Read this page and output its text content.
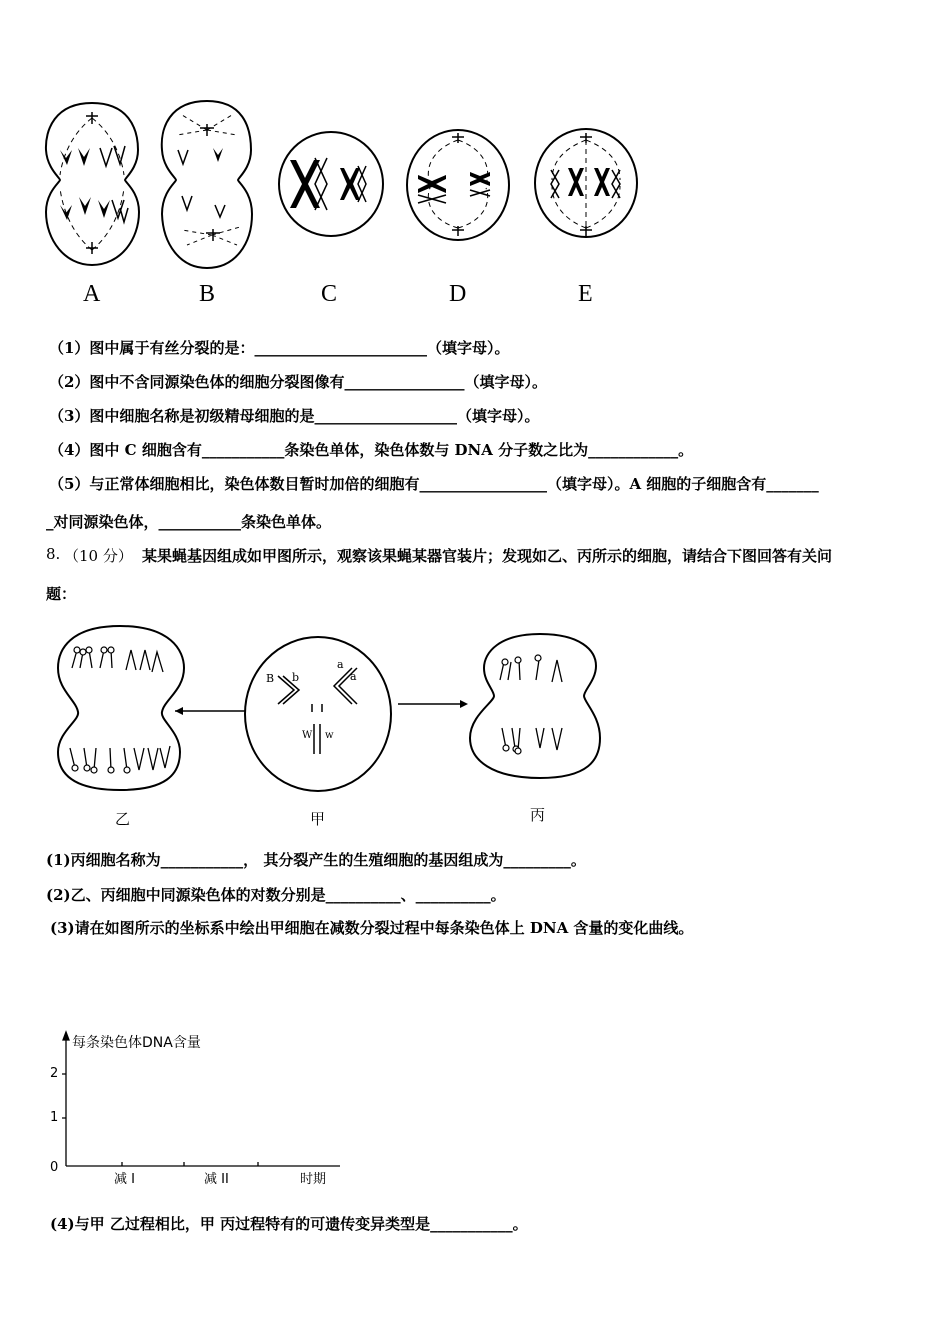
A	B	C	D	E
（1）图中属于有丝分裂的是：_______________________（填字母）。
（2）图中不含同源染色体的细胞分裂图像有________________（填字母）。
（3）图中细胞名称是初级精母细胞的是___________________（填字母）。
（4）图中 C 细胞含有___________条染色单体，染色体数与 DNA 分子数之比为____________。
（5）与正常体细胞相比，染色体数目暂时加倍的细胞有_________________（填字母）。A 细胞的子细胞含有_______
_对同源染色体，___________条染色单体。
8. （10 分） 某果蝇基因组成如甲图所示，观察该果蝇某器官装片；发现如乙、丙所示的细胞，请结合下图回答有关问
题：
B b
a
a
W w
乙	甲	丙
(1)丙细胞名称为___________， 其分裂产生的生殖细胞的基因组成为_________。
(2)乙、丙细胞中同源染色体的对数分别是__________、__________。
(3)请在如图所示的坐标系中绘出甲细胞在减数分裂过程中每条染色体上 DNA 含量的变化曲线。
每条染色体DNA含量
2
1
0
减 I	减 II	时期
(4)与甲 乙过程相比，甲 丙过程特有的可遗传变异类型是___________。
